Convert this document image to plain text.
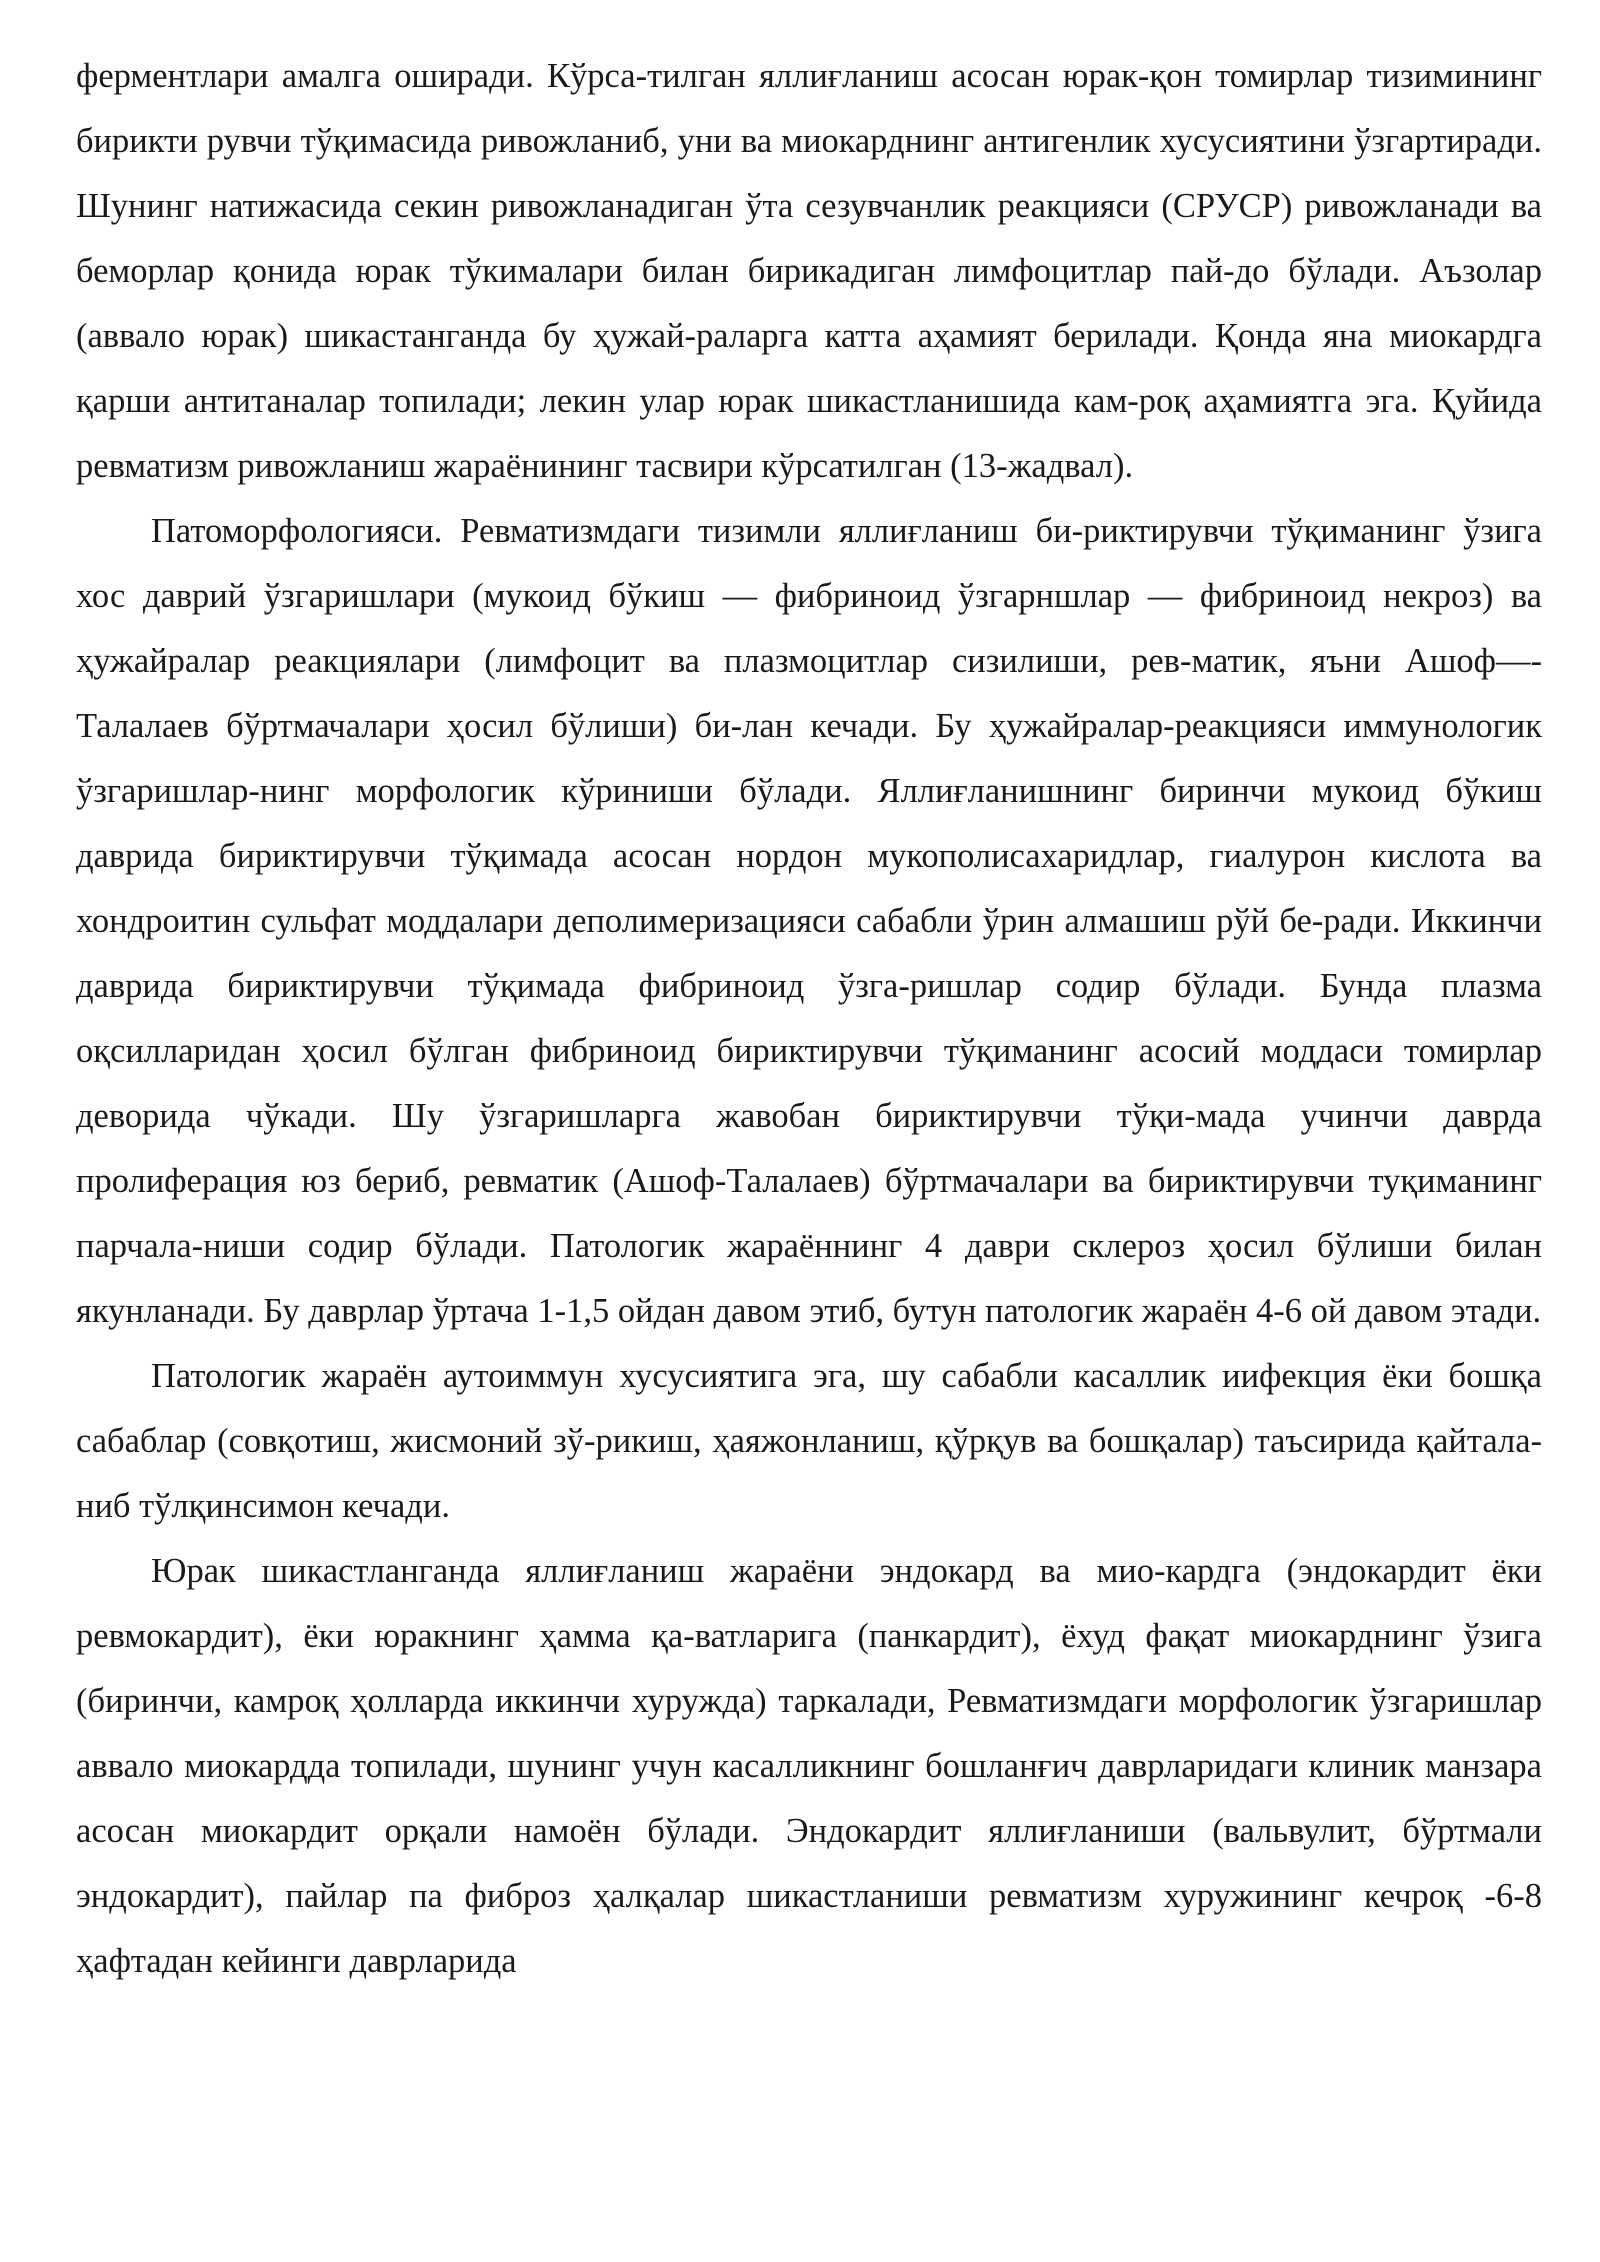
ферментлари амалга оширади. Кўрса-тилган яллиғланиш асосан юрак-қон томирлар тизимининг бирикти рувчи тўқимасида ривожланиб, уни ва миокарднинг антигенлик хусусиятини ўзгартиради. Шунинг натижасида секин ривожланадиган ўта сезувчанлик реакцияси (СРУСР) ривожланади ва беморлар қонида юрак тўкималари билан бирикадиган лимфоцитлар пай-до бўлади. Аъзолар (аввало юрак) шикастанганда бу ҳужай-раларга катта аҳамият берилади. Қонда яна миокардга қарши антитаналар топилади; лекин улар юрак шикастланишида кам-роқ аҳамиятга эга. Қуйида ревматизм ривожланиш жараёнининг тасвири кўрсатилган (13-жадвал).

Патоморфологияси. Ревматизмдаги тизимли яллиғланиш би-риктирувчи тўқиманинг ўзига хос даврий ўзгаришлари (мукоид бўкиш — фибриноид ўзгарншлар — фибриноид некроз) ва ҳужайралар реакциялари (лимфоцит ва плазмоцитлар сизилиши, рев-матик, яъни Ашоф—- Талалаев бўртмачалари ҳосил бўлиши) би-лан кечади. Бу ҳужайралар-реакцияси иммунологик ўзгаришлар-нинг морфологик кўриниши бўлади. Яллиғланишнинг биринчи мукоид бўкиш даврида бириктирувчи тўқимада асосан нордон мукополисахаридлар, гиалурон кислота ва хондроитин сульфат моддалари деполимеризацияси сабабли ўрин алмашиш рўй бе-ради. Иккинчи даврида бириктирувчи тўқимада фибриноид ўзга-ришлар содир бўлади. Бунда плазма оқсилларидан ҳосил бўлган фибриноид бириктирувчи тўқиманинг асосий моддаси томирлар деворида чўкади. Шу ўзгаришларга жавобан бириктирувчи тўқи-мада учинчи даврда пролиферация юз бериб, ревматик (Ашоф-Талалаев) бўртмачалари ва бириктирувчи туқиманинг парчала-ниши содир бўлади. Патологик жараённинг 4 даври склероз ҳосил бўлиши билан якунланади. Бу даврлар ўртача 1-1,5 ойдан давом этиб, бутун патологик жараён 4-6 ой давом этади.

Патологик жараён аутоиммун хусусиятига эга, шу сабабли касаллик иифекция ёки бошқа сабаблар (совқотиш, жисмоний зў-рикиш, ҳаяжонланиш, қўрқув ва бошқалар) таъсирида қайтала-ниб тўлқинсимон кечади.

Юрак шикастланганда яллиғланиш жараёни эндокард ва мио-кардга (эндокардит ёки ревмокардит), ёки юракнинг ҳамма қа-ватларига (панкардит), ёхуд фақат миокарднинг ўзига (биринчи, камроқ ҳолларда иккинчи хуружда) таркалади, Ревматизмдаги морфологик ўзгаришлар аввало миокардда топилади, шунинг учун касалликнинг бошланғич даврларидаги клиник манзара асосан миокардит орқали намоён бўлади. Эндокардит яллиғланиши (вальвулит, бўртмали эндокардит), пайлар па фиброз ҳалқалар шикастланиши ревматизм хуружининг кечроқ -6-8 ҳафтадан кейинги даврларида
